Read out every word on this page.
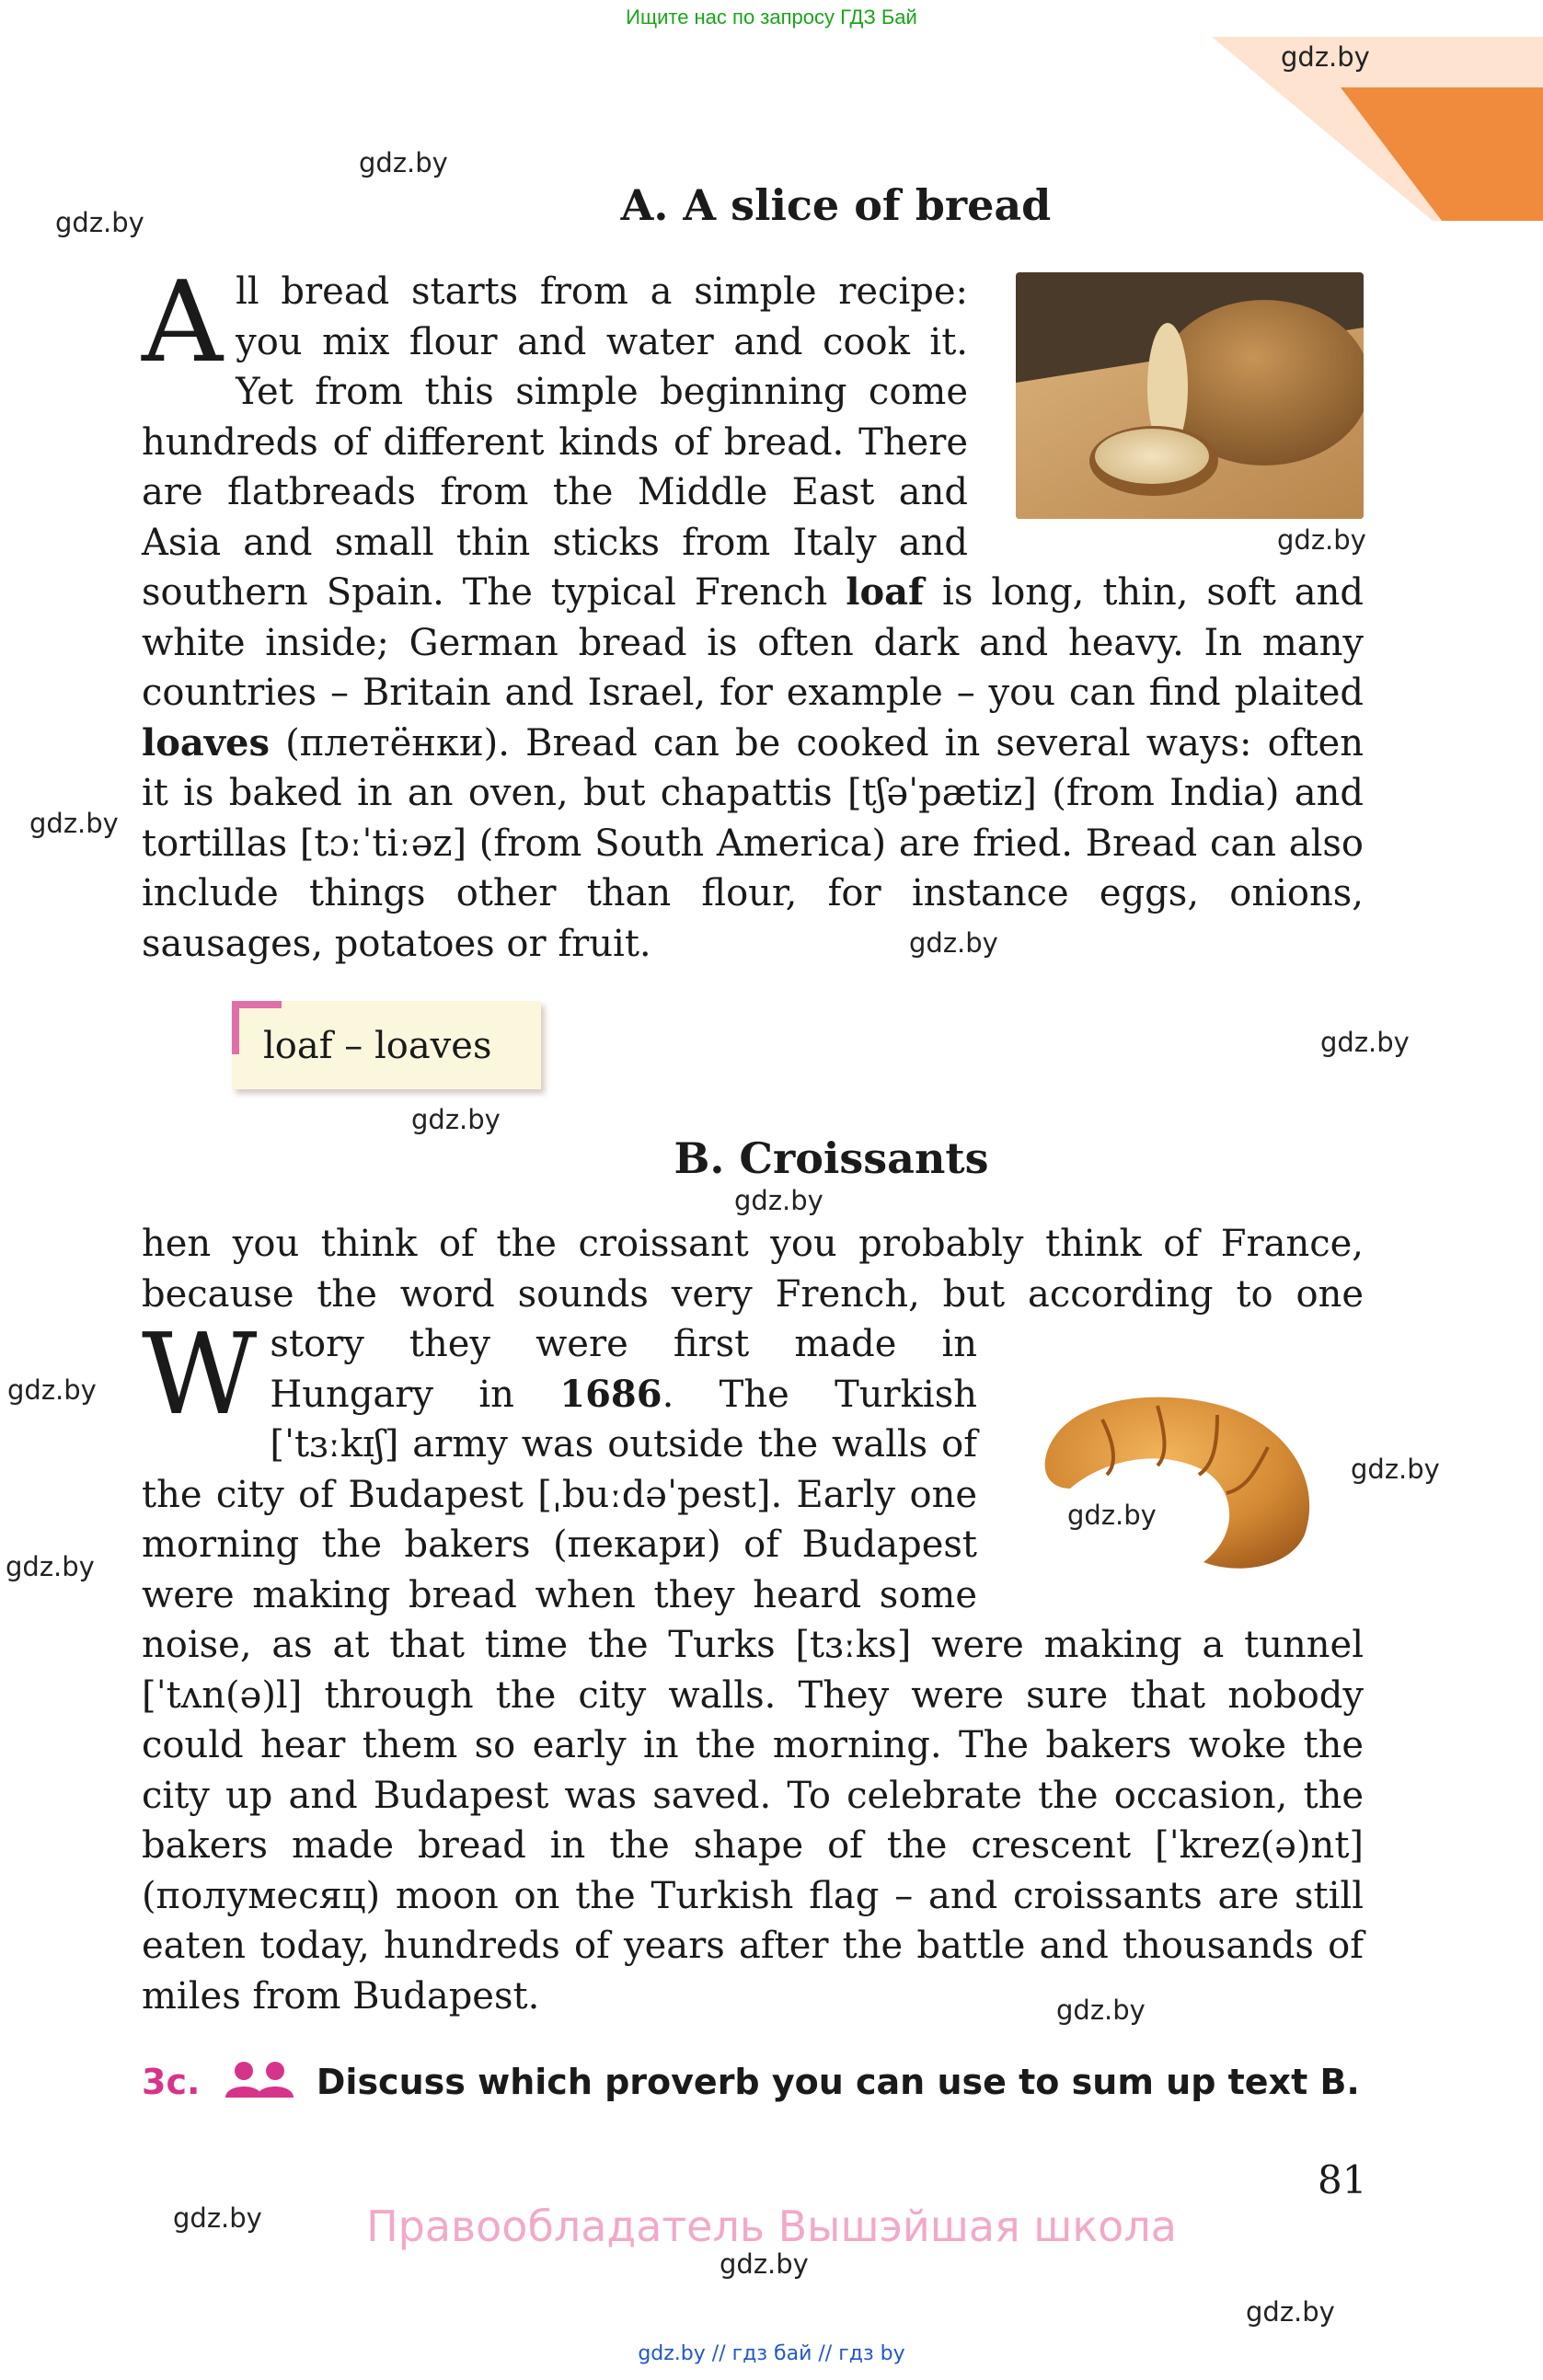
Ищите нас по запросу ГДЗ Бай
gdz.by
gdz.by
gdz.by
gdz.by
gdz.by
gdz.by
gdz.by
gdz.by
gdz.by
gdz.by
gdz.by
gdz.by
gdz.by
gdz.by
gdz.by
gdz.by
gdz.by
A. A slice of bread
A ll bread starts from a simple recipe: you mix flour and water and cook it. Yet from this simple beginning come hundreds of different kinds of bread. There are flatbreads from the Middle East and Asia and small thin sticks from Italy and southern Spain. The typical French loaf is long, thin, soft and white inside; German bread is often dark and heavy. In many countries – Britain and Israel, for example – you can find plaited loaves (плетёнки). Bread can be cooked in several ways: often it is baked in an oven, but chapattis [tʃəˈpætiz] (from India) and tortillas [tɔːˈtiːəz] (from South America) are fried. Bread can also include things other than flour, for instance eggs, onions, sausages, potatoes or fruit.
loaf – loaves
B. Croissants
W
hen you think of the croissant you probably think of France, because the word sounds very French, but according to one story they were first made in Hungary in 1686. The Turkish [ˈtɜːkɪʃ] army was outside the walls of the city of Budapest [ˌbuːdəˈpest]. Early one morning the bakers (пекари) of Budapest were making bread when they heard some noise, as at that time the Turks [tɜːks] were making a tunnel [ˈtʌn(ə)l] through the city walls. They were sure that nobody could hear them so early in the morning. The bakers woke the city up and Budapest was saved. To celebrate the occasion, the bakers made bread in the shape of the crescent [ˈkrez(ə)nt] (полумесяц) moon on the Turkish flag – and croissants are still eaten today, hundreds of years after the battle and thousands of miles from Budapest.
3c.	Discuss which proverb you can use to sum up text B.
81
Правообладатель Вышэйшая школа
gdz.by // гдз бай // гдз by
